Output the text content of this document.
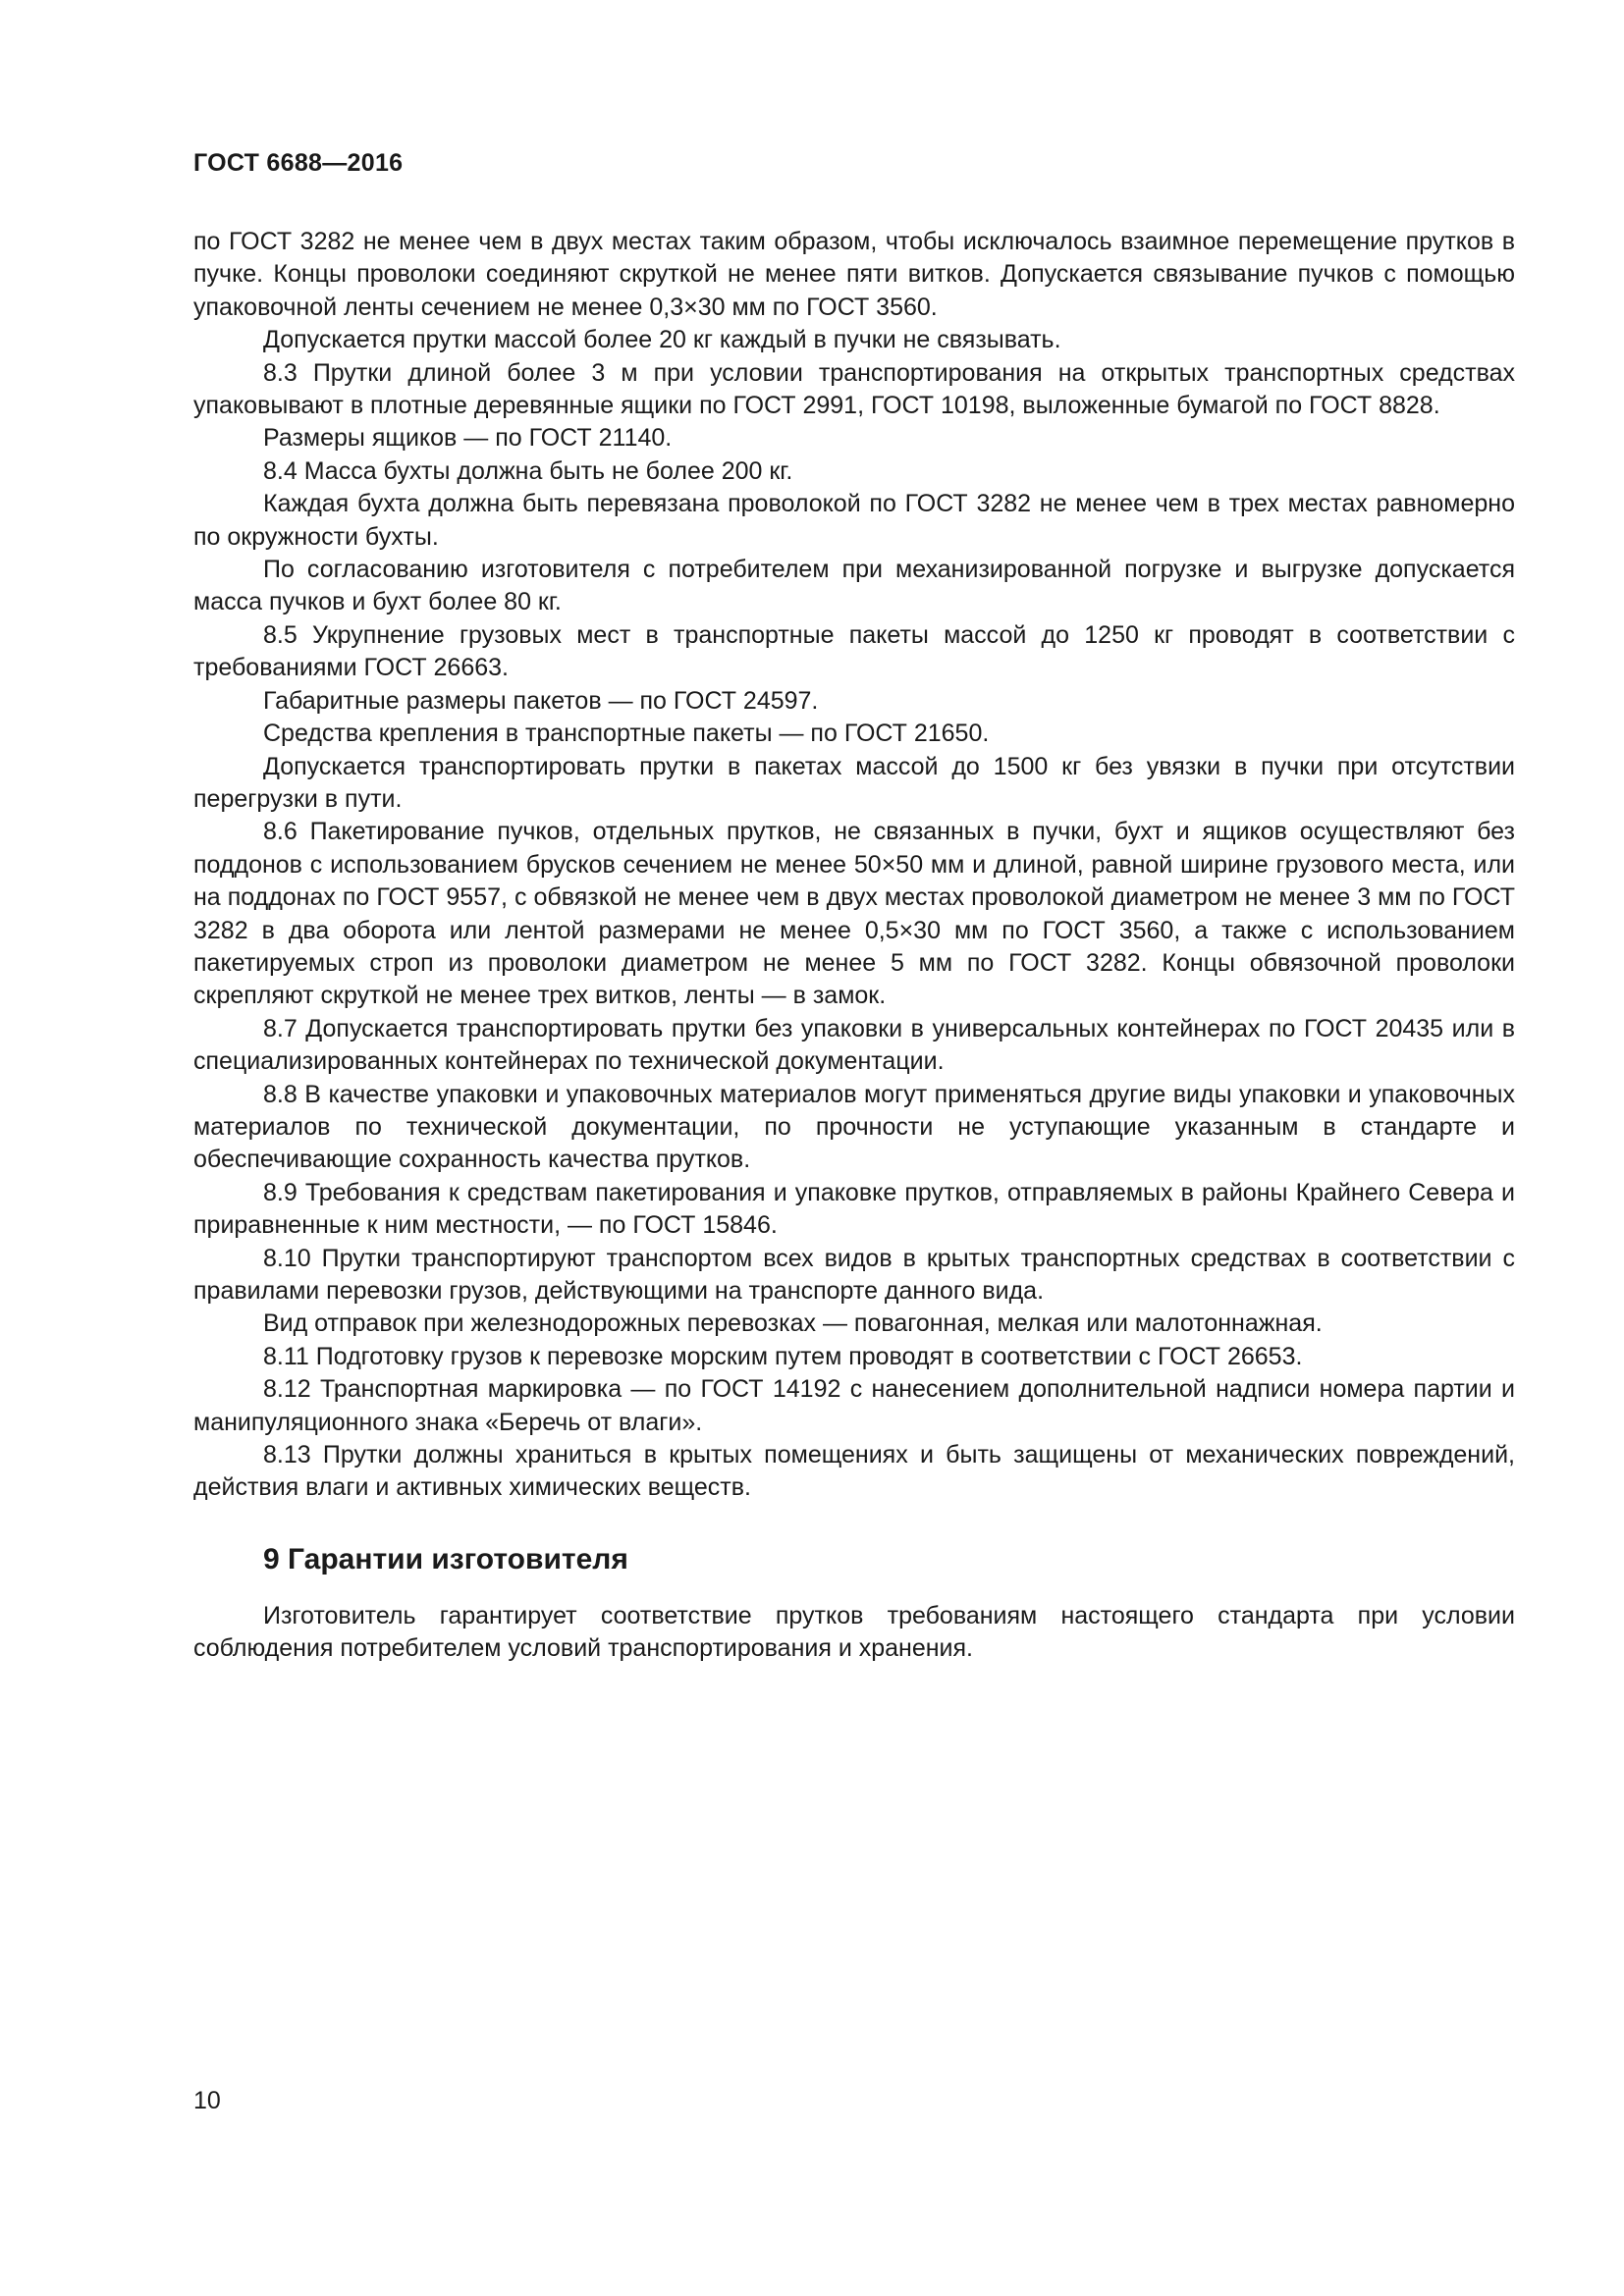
ГОСТ 6688—2016

по ГОСТ 3282 не менее чем в двух местах таким образом, чтобы исключалось взаимное перемещение прутков в пучке. Концы проволоки соединяют скруткой не менее пяти витков. Допускается связывание пучков с помощью упаковочной ленты сечением не менее 0,3×30 мм по ГОСТ 3560.

Допускается прутки массой более 20 кг каждый в пучки не связывать.

8.3 Прутки длиной более 3 м при условии транспортирования на открытых транспортных средствах упаковывают в плотные деревянные ящики по ГОСТ 2991, ГОСТ 10198, выложенные бумагой по ГОСТ 8828.

Размеры ящиков — по ГОСТ 21140.

8.4 Масса бухты должна быть не более 200 кг.

Каждая бухта должна быть перевязана проволокой по ГОСТ 3282 не менее чем в трех местах равномерно по окружности бухты.

По согласованию изготовителя с потребителем при механизированной погрузке и выгрузке допускается масса пучков и бухт более 80 кг.

8.5 Укрупнение грузовых мест в транспортные пакеты массой до 1250 кг проводят в соответствии с требованиями ГОСТ 26663.

Габаритные размеры пакетов — по ГОСТ 24597.

Средства крепления в транспортные пакеты — по ГОСТ 21650.

Допускается транспортировать прутки в пакетах массой до 1500 кг без увязки в пучки при отсутствии перегрузки в пути.

8.6 Пакетирование пучков, отдельных прутков, не связанных в пучки, бухт и ящиков осуществляют без поддонов с использованием брусков сечением не менее 50×50 мм и длиной, равной ширине грузового места, или на поддонах по ГОСТ 9557, с обвязкой не менее чем в двух местах проволокой диаметром не менее 3 мм по ГОСТ 3282 в два оборота или лентой размерами не менее 0,5×30 мм по ГОСТ 3560, а также с использованием пакетируемых строп из проволоки диаметром не менее 5 мм по ГОСТ 3282. Концы обвязочной проволоки скрепляют скруткой не менее трех витков, ленты — в замок.

8.7 Допускается транспортировать прутки без упаковки в универсальных контейнерах по ГОСТ 20435 или в специализированных контейнерах по технической документации.

8.8 В качестве упаковки и упаковочных материалов могут применяться другие виды упаковки и упаковочных материалов по технической документации, по прочности не уступающие указанным в стандарте и обеспечивающие сохранность качества прутков.

8.9 Требования к средствам пакетирования и упаковке прутков, отправляемых в районы Крайнего Севера и приравненные к ним местности, — по ГОСТ 15846.

8.10 Прутки транспортируют транспортом всех видов в крытых транспортных средствах в соответствии с правилами перевозки грузов, действующими на транспорте данного вида.

Вид отправок при железнодорожных перевозках — повагонная, мелкая или малотоннажная.

8.11 Подготовку грузов к перевозке морским путем проводят в соответствии с ГОСТ 26653.

8.12 Транспортная маркировка — по ГОСТ 14192 с нанесением дополнительной надписи номера партии и манипуляционного знака «Беречь от влаги».

8.13 Прутки должны храниться в крытых помещениях и быть защищены от механических повреждений, действия влаги и активных химических веществ.

9 Гарантии изготовителя

Изготовитель гарантирует соответствие прутков требованиям настоящего стандарта при условии соблюдения потребителем условий транспортирования и хранения.

10
